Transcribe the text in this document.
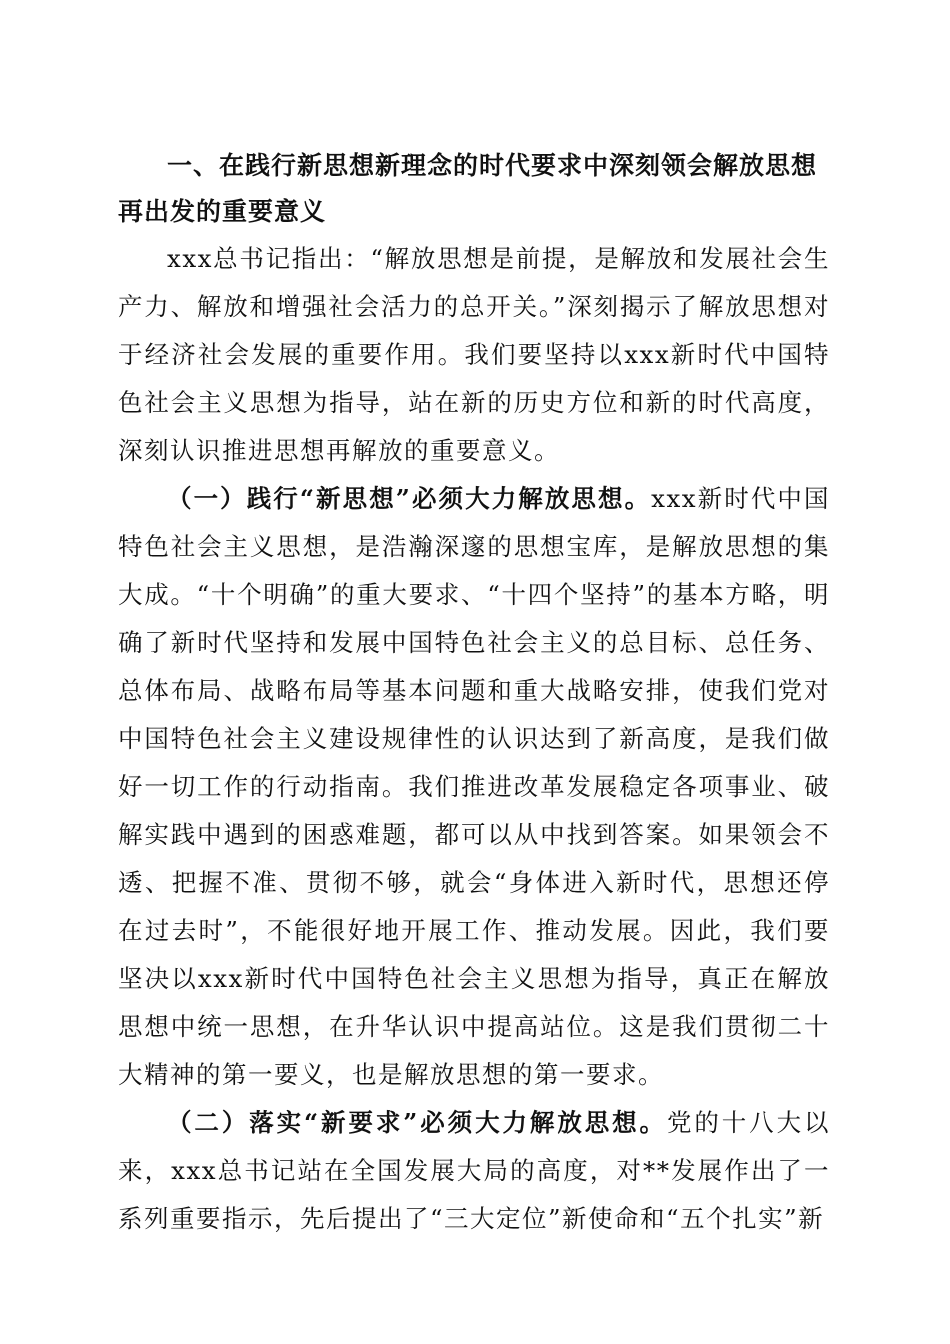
一、在践行新思想新理念的时代要求中深刻领会解放思想再出发的重要意义

xxx总书记指出：“解放思想是前提，是解放和发展社会生产力、解放和增强社会活力的总开关。”深刻揭示了解放思想对于经济社会发展的重要作用。我们要坚持以xxx新时代中国特色社会主义思想为指导，站在新的历史方位和新的时代高度，深刻认识推进思想再解放的重要意义。

（一）践行“新思想”必须大力解放思想。xxx新时代中国特色社会主义思想，是浩瀚深邃的思想宝库，是解放思想的集大成。“十个明确”的重大要求、“十四个坚持”的基本方略，明确了新时代坚持和发展中国特色社会主义的总目标、总任务、总体布局、战略布局等基本问题和重大战略安排，使我们党对中国特色社会主义建设规律性的认识达到了新高度，是我们做好一切工作的行动指南。我们推进改革发展稳定各项事业、破解实践中遇到的困惑难题，都可以从中找到答案。如果领会不透、把握不准、贯彻不够，就会“身体进入新时代，思想还停在过去时”，不能很好地开展工作、推动发展。因此，我们要坚决以xxx新时代中国特色社会主义思想为指导，真正在解放思想中统一思想，在升华认识中提高站位。这是我们贯彻二十大精神的第一要义，也是解放思想的第一要求。

（二）落实“新要求”必须大力解放思想。党的十八大以来，xxx总书记站在全国发展大局的高度，对**发展作出了一系列重要指示，先后提出了“三大定位”新使命和“五个扎实”新
